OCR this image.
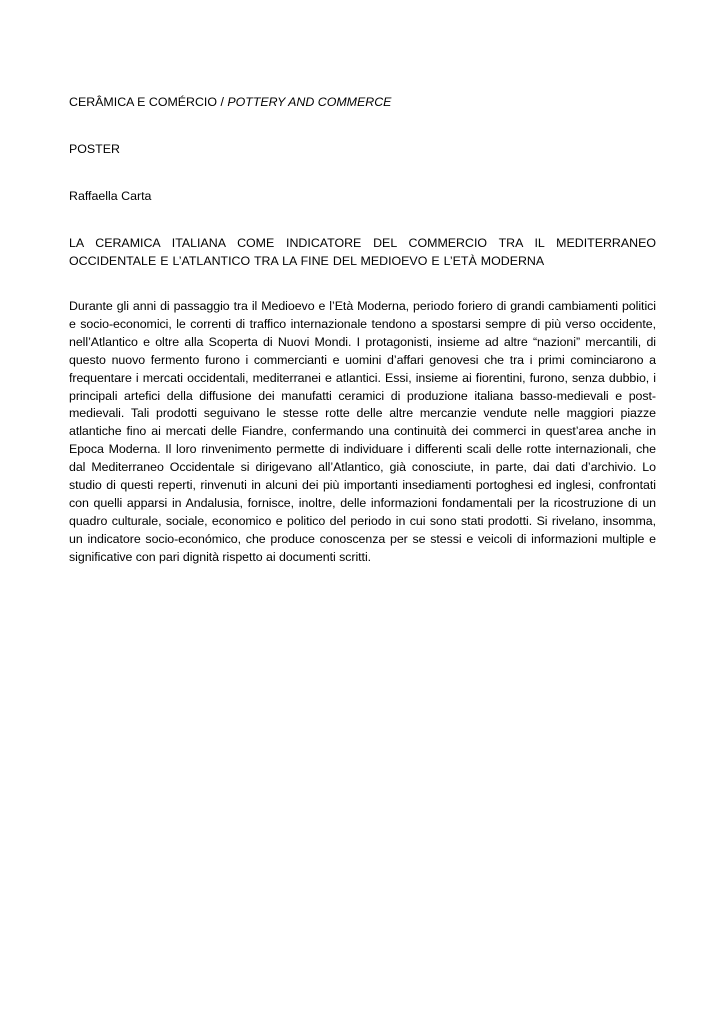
CERÂMICA E COMÉRCIO / POTTERY AND COMMERCE

POSTER

Raffaella Carta

LA CERAMICA ITALIANA COME INDICATORE DEL COMMERCIO TRA IL MEDITERRANEO OCCIDENTALE E L’ATLANTICO TRA LA FINE DEL MEDIOEVO E L’ETÀ MODERNA

Durante gli anni di passaggio tra il Medioevo e l’Età Moderna, periodo foriero di grandi cambiamenti politici e socio-economici, le correnti di traffico internazionale tendono a spostarsi sempre di più verso occidente, nell’Atlantico e oltre alla Scoperta di Nuovi Mondi. I protagonisti, insieme ad altre “nazioni” mercantili, di questo nuovo fermento furono i commercianti e uomini d’affari genovesi che tra i primi cominciarono a frequentare i mercati occidentali, mediterranei e atlantici. Essi, insieme ai fiorentini, furono, senza dubbio, i principali artefici della diffusione dei manufatti ceramici di produzione italiana basso-medievali e post-medievali. Tali prodotti seguivano le stesse rotte delle altre mercanzie vendute nelle maggiori piazze atlantiche fino ai mercati delle Fiandre, confermando una continuità dei commerci in quest’area anche in Epoca Moderna. Il loro rinvenimento permette di individuare i differenti scali delle rotte internazionali, che dal Mediterraneo Occidentale si dirigevano all’Atlantico, già conosciute, in parte, dai dati d’archivio. Lo studio di questi reperti, rinvenuti in alcuni dei più importanti insediamenti portoghesi ed inglesi, confrontati con quelli apparsi in Andalusia, fornisce, inoltre, delle informazioni fondamentali per la ricostruzione di un quadro culturale, sociale, economico e politico del periodo in cui sono stati prodotti. Si rivelano, insomma, un indicatore socio-económico, che produce conoscenza per se stessi e veicoli di informazioni multiple e significative con pari dignità rispetto ai documenti scritti.
